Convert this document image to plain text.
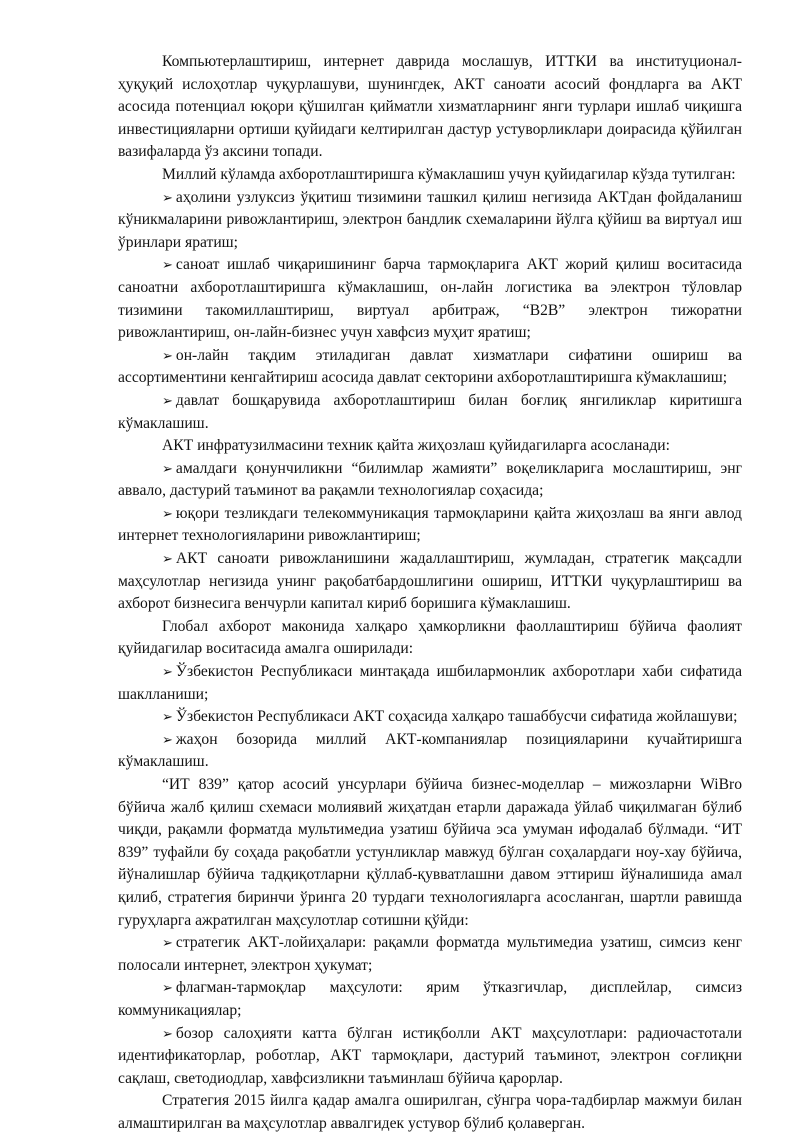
Компьютерлаштириш, интернет даврида мослашув, ИТТКИ ва институционал-ҳуқуқий ислоҳотлар чуқурлашуви, шунингдек, АКТ саноати асосий фондларга ва АКТ асосида потенциал юқори қўшилган қийматли хизматларнинг янги турлари ишлаб чиқишга инвестицияларни ортиши қуйидаги келтирилган дастур устуворликлари доирасида қўйилган вазифаларда ўз аксини топади.

Миллий кўламда ахборотлаштиришга кўмаклашиш учун қуйидагилар кўзда тутилган:

➢ аҳолини узлуксиз ўқитиш тизимини ташкил қилиш негизида АКТдан фойдаланиш кўникмаларини ривожлантириш, электрон бандлик схемаларини йўлга қўйиш ва виртуал иш ўринлари яратиш;

➢ саноат ишлаб чиқаришининг барча тармоқларига АКТ жорий қилиш воситасида саноатни ахборотлаштиришга кўмаклашиш, он-лайн логистика ва электрон тўловлар тизимини такомиллаштириш, виртуал арбитраж, “B2B” электрон тижоратни ривожлантириш, он-лайн-бизнес учун хавфсиз муҳит яратиш;

➢ он-лайн тақдим этиладиган давлат хизматлари сифатини ошириш ва ассортиментини кенгайтириш асосида давлат секторини ахборотлаштиришга кўмаклашиш;

➢ давлат бошқарувида ахборотлаштириш билан боғлиқ янгиликлар киритишга кўмаклашиш.

АКТ инфратузилмасини техник қайта жиҳозлаш қуйидагиларга асосланади:

➢ амалдаги қонунчиликни “билимлар жамияти” воқеликларига мослаштириш, энг аввало, дастурий таъминот ва рақамли технологиялар соҳасида;

➢ юқори тезликдаги телекоммуникация тармоқларини қайта жиҳозлаш ва янги авлод интернет технологияларини ривожлантириш;

➢ АКТ саноати ривожланишини жадаллаштириш, жумладан, стратегик мақсадли маҳсулотлар негизида унинг рақобатбардошлигини ошириш, ИТТКИ чуқурлаштириш ва ахборот бизнесига венчурли капитал кириб боришига кўмаклашиш.

Глобал ахборот маконида халқаро ҳамкорликни фаоллаштириш бўйича фаолият қуйидагилар воситасида амалга оширилади:

➢ Ўзбекистон Республикаси минтақада ишбилармонлик ахборотлари хаби сифатида шаклланиши;

➢ Ўзбекистон Республикаси АКТ соҳасида халқаро ташаббусчи сифатида жойлашуви;

➢ жаҳон бозорида миллий АКТ-компаниялар позицияларини кучайтиришга кўмаклашиш.

“ИТ 839” қатор асосий унсурлари бўйича бизнес-моделлар – мижозларни WiBro бўйича жалб қилиш схемаси молиявий жиҳатдан етарли даражада ўйлаб чиқилмаган бўлиб чиқди, рақамли форматда мультимедиа узатиш бўйича эса умуман ифодалаб бўлмади. “ИТ 839” туфайли бу соҳада рақобатли устунликлар мавжуд бўлган соҳалардаги ноу-хау бўйича, йўналишлар бўйича тадқиқотларни қўллаб-қувватлашни давом эттириш йўналишида амал қилиб, стратегия биринчи ўринга 20 турдаги технологияларга асосланган, шартли равишда гуруҳларга ажратилган маҳсулотлар сотишни қўйди:

➢ стратегик АКТ-лойиҳалари: рақамли форматда мультимедиа узатиш, симсиз кенг полосали интернет, электрон ҳукумат;

➢ флагман-тармоқлар маҳсулоти: ярим ўтказгичлар, дисплейлар, симсиз коммуникациялар;

➢ бозор салоҳияти катта бўлган истиқболли АКТ маҳсулотлари: радиочастотали идентификаторлар, роботлар, АКТ тармоқлари, дастурий таъминот, электрон соғлиқни сақлаш, светодиодлар, хавфсизликни таъминлаш бўйича қарорлар.

Стратегия 2015 йилга қадар амалга оширилган, сўнгра чора-тадбирлар мажмуи билан алмаштирилган ва маҳсулотлар аввалгидек устувор бўлиб қолаверган.
